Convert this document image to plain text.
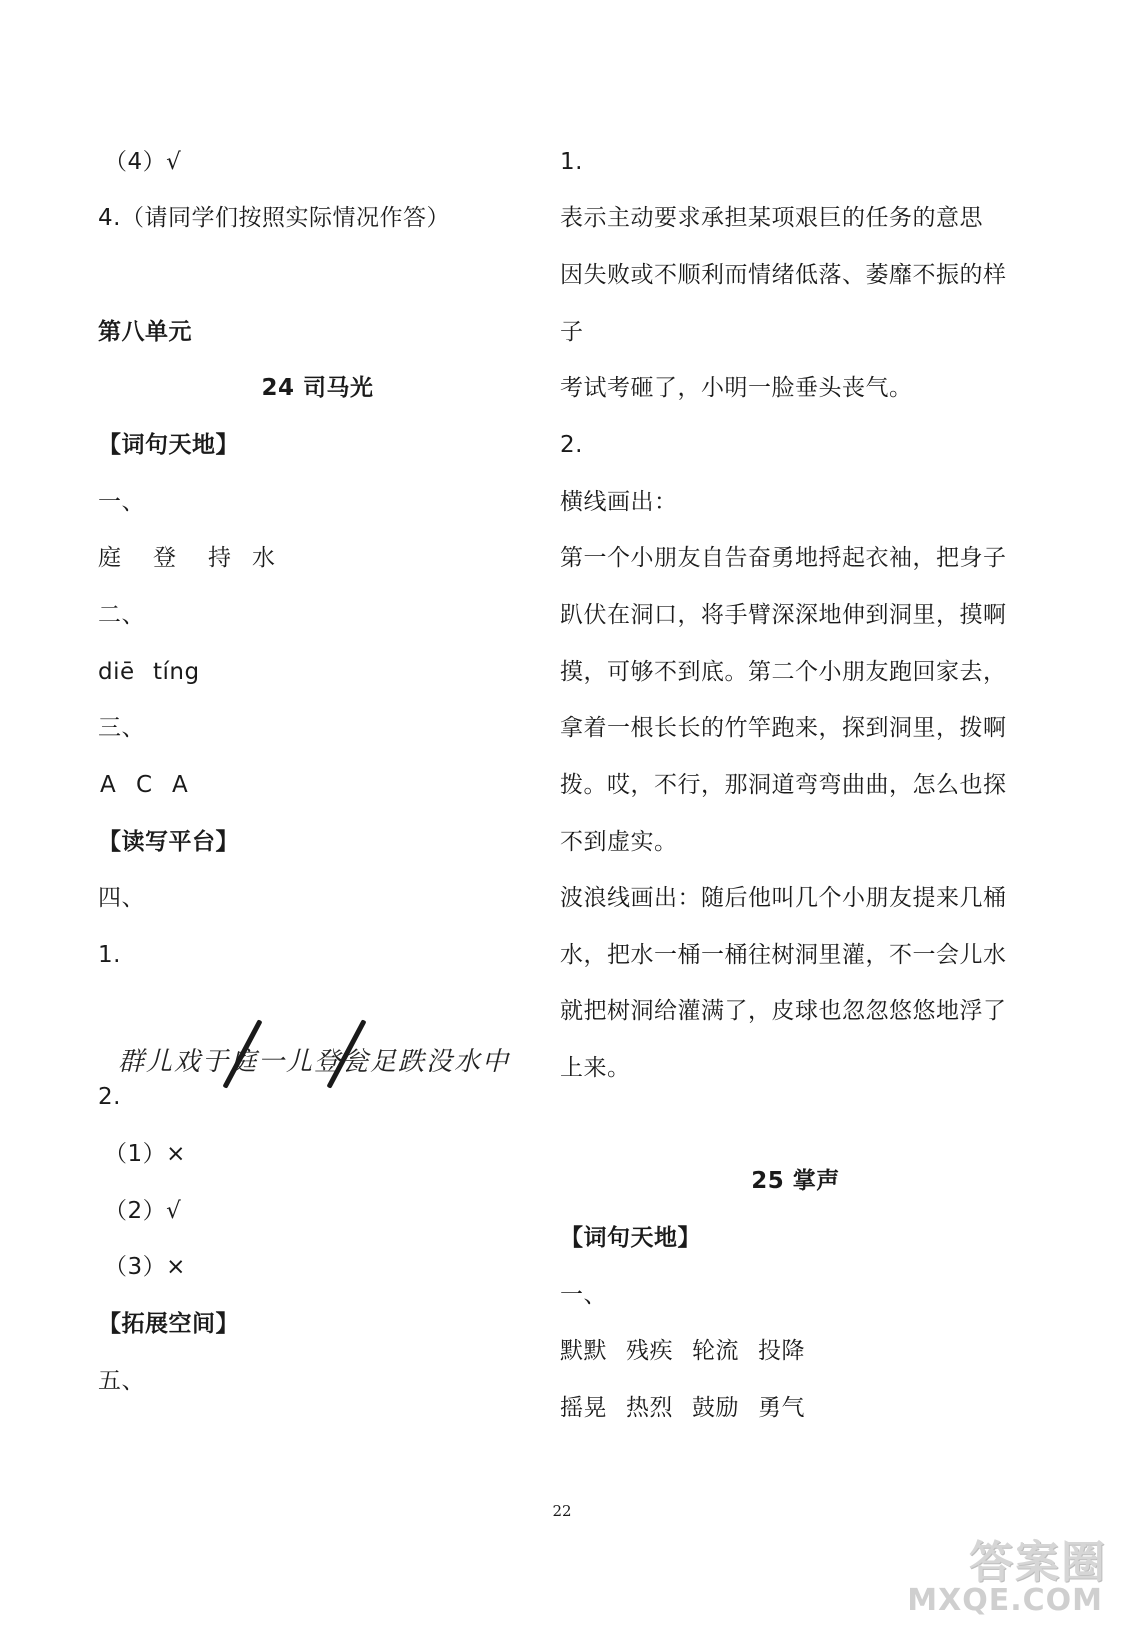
（4）√
4.（请同学们按照实际情况作答）
第八单元
24 司马光
【词句天地】
一、
庭 登 持 水
二、
diē tíng
三、
A C A
【读写平台】
四、
1.
群儿戏于庭一儿登瓮足跌没水中
2.
（1）×
（2）√
（3）×
【拓展空间】
五、
1.
表示主动要求承担某项艰巨的任务的意思
因失败或不顺利而情绪低落、萎靡不振的样
子
考试考砸了，小明一脸垂头丧气。
2.
横线画出：
第一个小朋友自告奋勇地捋起衣袖，把身子
趴伏在洞口，将手臂深深地伸到洞里，摸啊
摸，可够不到底。第二个小朋友跑回家去，
拿着一根长长的竹竿跑来，探到洞里，拨啊
拨。哎，不行，那洞道弯弯曲曲，怎么也探
不到虚实。
波浪线画出：随后他叫几个小朋友提来几桶
水，把水一桶一桶往树洞里灌，不一会儿水
就把树洞给灌满了，皮球也忽忽悠悠地浮了
上来。
25 掌声
【词句天地】
一、
默默 残疾 轮流 投降
摇晃 热烈 鼓励 勇气
22
答案圈
MXQE.COM
